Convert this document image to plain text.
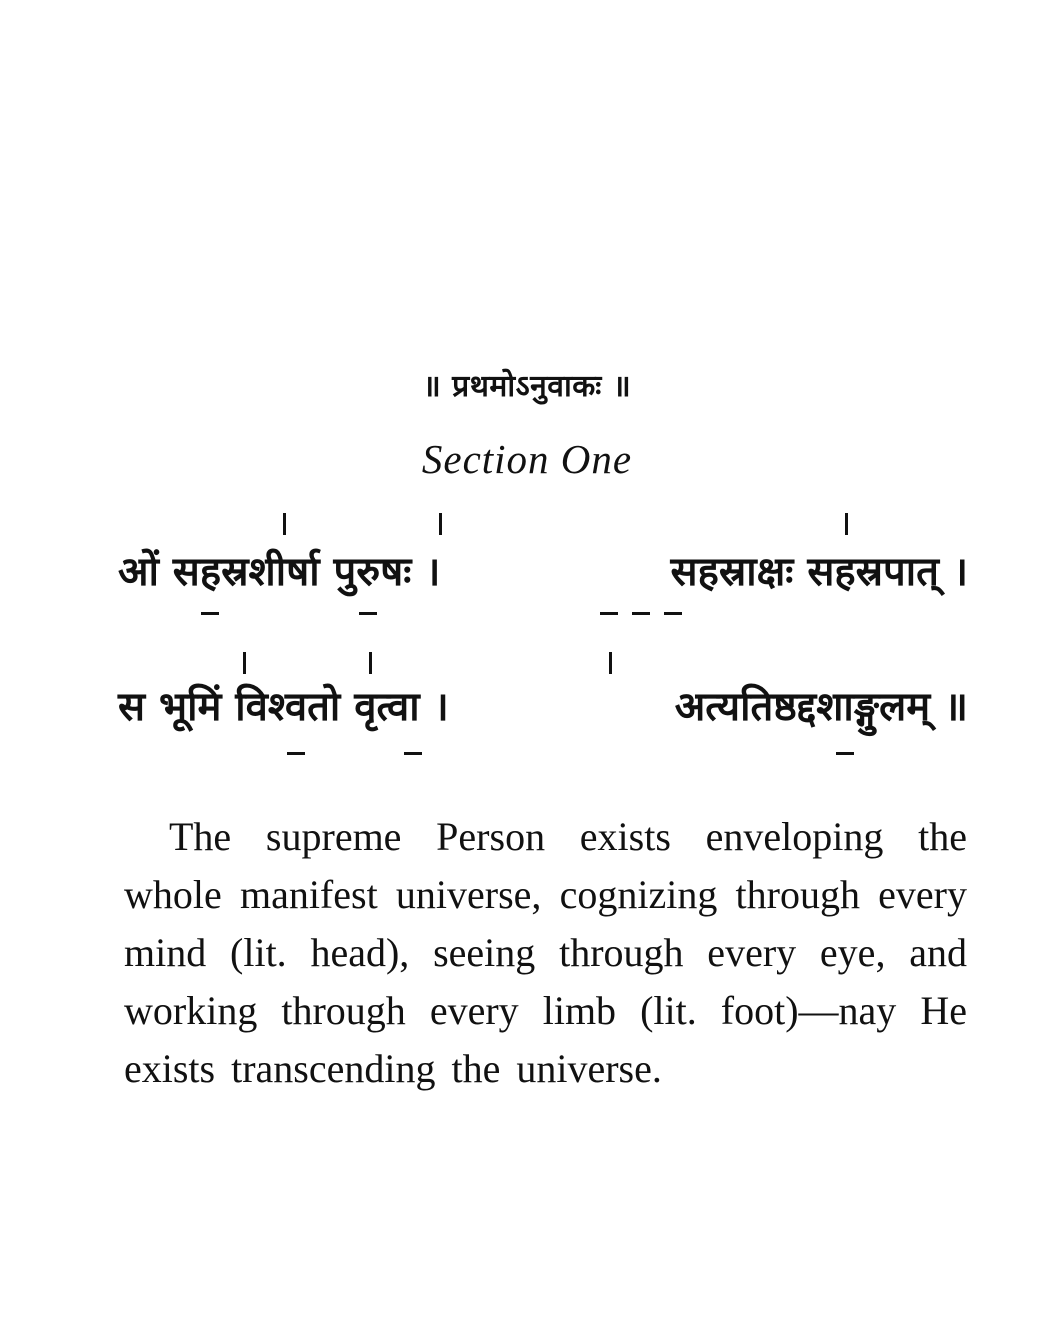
॥ प्रथमोऽनुवाकः ॥
Section One
ओं सहस्रशीर्षा पुरुषः ।	सहस्राक्षः सहस्रपात् ।
स भूमिं विश्वतो वृत्वा ।	अत्यतिष्ठद्दशाङ्गुलम् ॥

The supreme Person exists enveloping the whole manifest universe, cognizing through every mind (lit. head), seeing through every eye, and working through every limb (lit. foot)—nay He exists transcending the universe.
